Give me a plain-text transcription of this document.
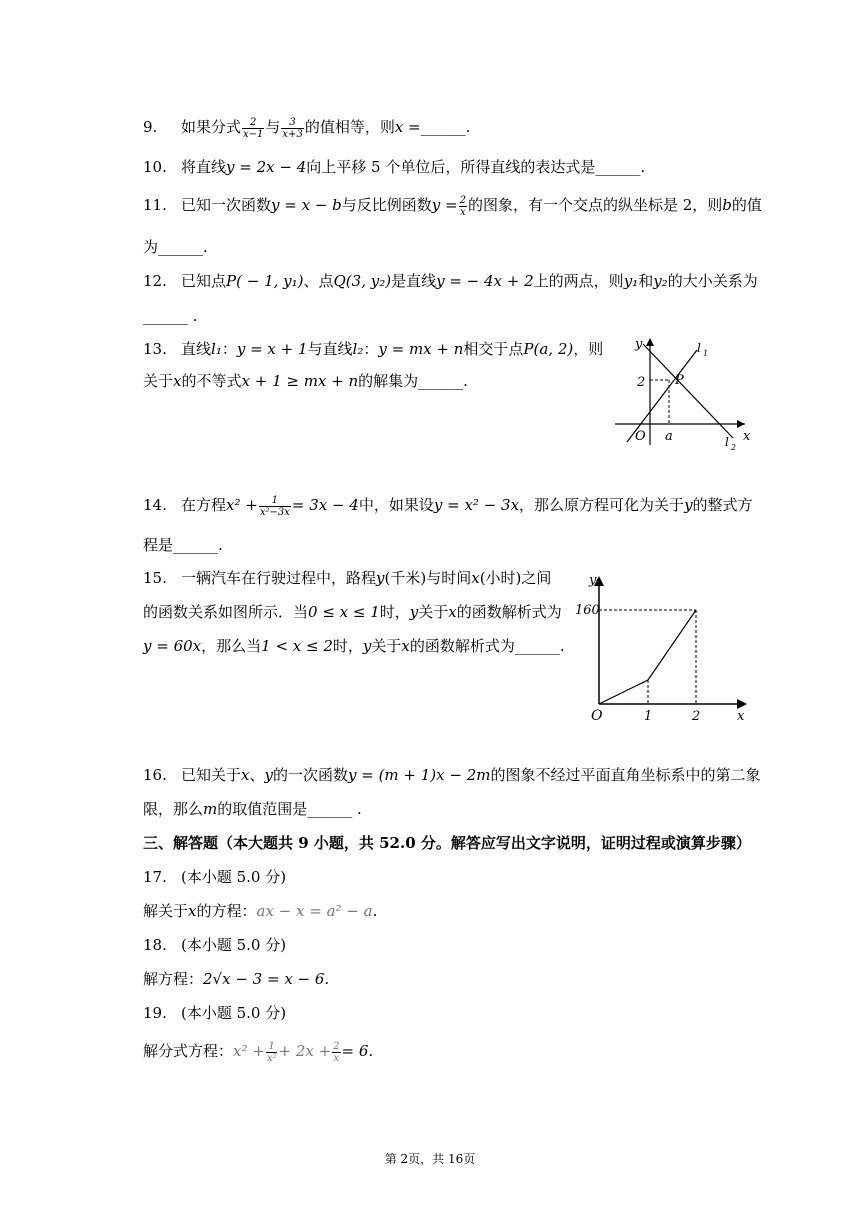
9. 如果分式 $\frac{2}{x-1}$ 与 $\frac{3}{x+3}$ 的值相等，则x =______.
10. 将直线y = 2x − 4向上平移 5 个单位后，所得直线的表达式是______.
11. 已知一次函数y = x − b与反比例函数$y = \frac{2}{x}$ 的图象，有一个交点的纵坐标是 2，则b的值
为______.
12. 已知点P( − 1, y₁)、点Q(3, y₂)是直线y = − 4x + 2上的两点，则y₁和y₂的大小关系为
______ .
13. 直线l₁：y = x + 1与直线l₂：y = mx + n相交于点P(a, 2)，则
关于x的不等式x + 1 ≥ mx + n的解集为______.
y	l 1
2 P
O a	x
l 2
14. 在方程$x^2 + \frac{1}{\text{x²−3x}} = 3x - 4$中，如果设y = x² − 3x，那么原方程可化为关于y的整式方
程是______.
15. 一辆汽车在行驶过程中，路程y(千米)与时间x(小时)之间
的函数关系如图所示．当0 ≤ x ≤ 1时，y关于x的函数解析式为
y = 60x，那么当1 < x ≤ 2时，y关于x的函数解析式为______.
y
160
O	1	2	x
16. 已知关于x、y的一次函数y = (m + 1)x − 2m的图象不经过平面直角坐标系中的第二象
限，那么m的取值范围是______ .
三、解答题（本大题共 9 小题，共 52.0 分。解答应写出文字说明，证明过程或演算步骤）
17. (本小题 5.0 分)
解关于x的方程：ax − x = a² − a.
18. (本小题 5.0 分)
解方程：2√x − 3 = x − 6.
19. (本小题 5.0 分)
解分式方程：$x^2 + \frac{1}{\text{x²}} + 2x + \frac{2}{x} = 6$.
第 2页，共 16页
